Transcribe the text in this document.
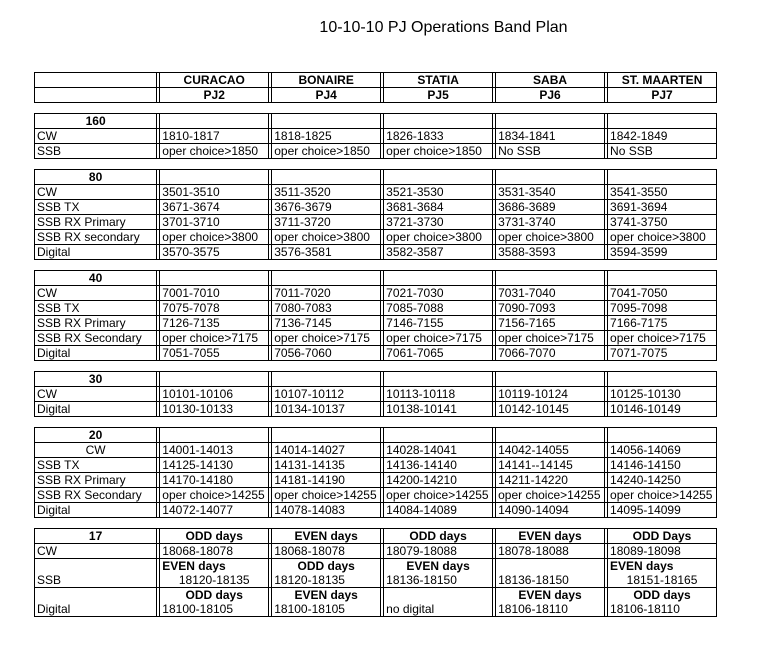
10-10-10 PJ Operations Band Plan
		CURACAO		BONAIRE		STATIA		SABA		ST. MAARTEN
		PJ2		PJ4		PJ5		PJ6		PJ7

160										
CW		1810-1817		1818-1825		1826-1833		1834-1841		1842-1849
SSB		oper choice>1850		oper choice>1850		oper choice>1850		No SSB		No SSB

80										
CW		3501-3510		3511-3520		3521-3530		3531-3540		3541-3550
SSB TX		3671-3674		3676-3679		3681-3684		3686-3689		3691-3694
SSB RX Primary		3701-3710		3711-3720		3721-3730		3731-3740		3741-3750
SSB RX secondary		oper choice>3800		oper choice>3800		oper choice>3800		oper choice>3800		oper choice>3800
Digital		3570-3575		3576-3581		3582-3587		3588-3593		3594-3599

40										
CW		7001-7010		7011-7020		7021-7030		7031-7040		7041-7050
SSB TX		7075-7078		7080-7083		7085-7088		7090-7093		7095-7098
SSB RX Primary		7126-7135		7136-7145		7146-7155		7156-7165		7166-7175
SSB RX Secondary		oper choice>7175		oper choice>7175		oper choice>7175		oper choice>7175		oper choice>7175
Digital		7051-7055		7056-7060		7061-7065		7066-7070		7071-7075

30										
CW		10101-10106		10107-10112		10113-10118		10119-10124		10125-10130
Digital		10130-10133		10134-10137		10138-10141		10142-10145		10146-10149

20										
CW		14001-14013		14014-14027		14028-14041		14042-14055		14056-14069
SSB TX		14125-14130		14131-14135		14136-14140		14141--14145		14146-14150
SSB RX Primary		14170-14180		14181-14190		14200-14210		14211-14220		14240-14250
SSB RX Secondary		oper choice>14255		oper choice>14255		oper choice>14255		oper choice>14255		oper choice>14255
Digital		14072-14077		14078-14083		14084-14089		14090-14094		14095-14099

17		ODD days		EVEN days		ODD days		EVEN days		ODD Days
CW		18068-18078		18068-18078		18079-18088		18078-18088		18089-18098
		EVEN days		ODD days		EVEN days				EVEN days
SSB		18120-18135		18120-18135		18136-18150		18136-18150		18151-18165
		ODD days		EVEN days				EVEN days		ODD days
Digital		18100-18105		18100-18105		no digital		18106-18110		18106-18110
